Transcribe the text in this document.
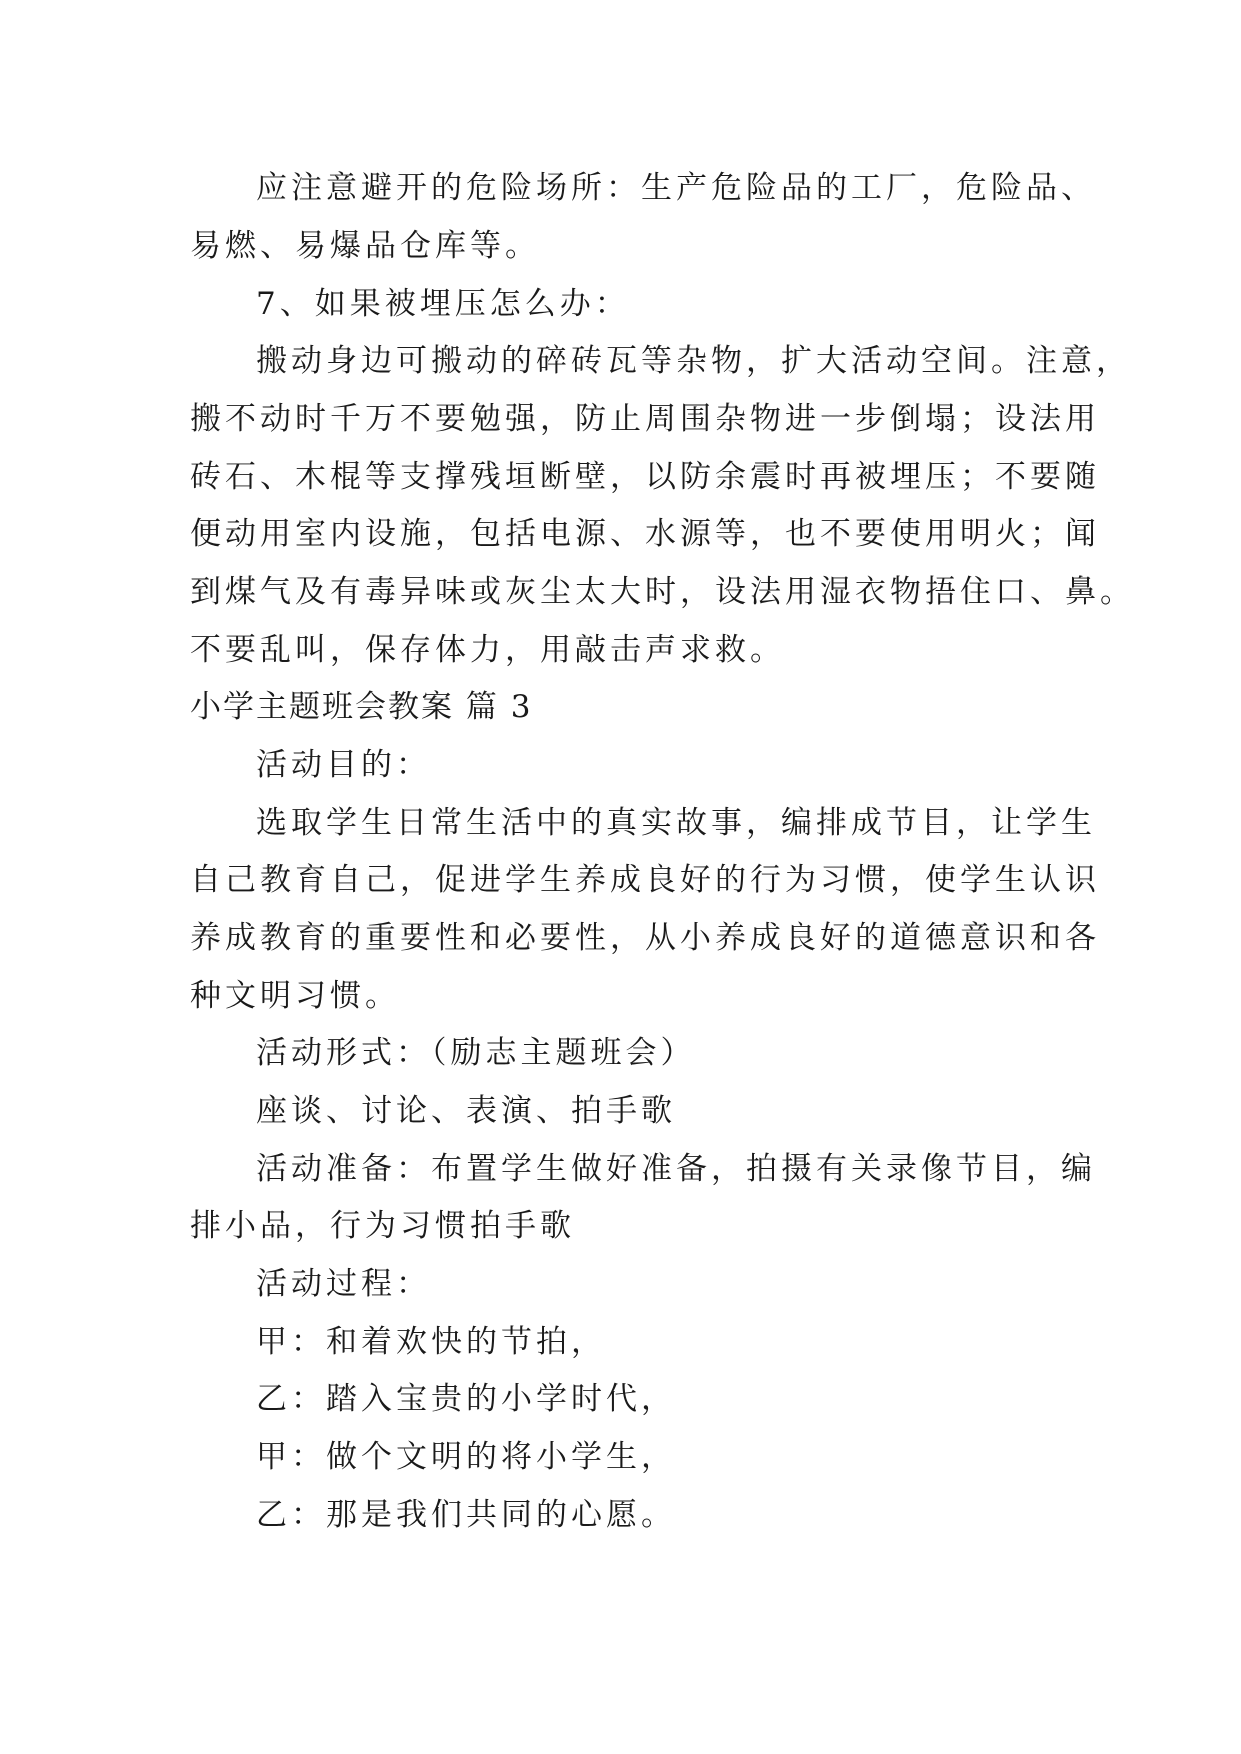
应注意避开的危险场所：生产危险品的工厂，危险品、
易燃、易爆品仓库等。
7、如果被埋压怎么办：
搬动身边可搬动的碎砖瓦等杂物，扩大活动空间。注意，
搬不动时千万不要勉强，防止周围杂物进一步倒塌；设法用
砖石、木棍等支撑残垣断壁，以防余震时再被埋压；不要随
便动用室内设施，包括电源、水源等，也不要使用明火；闻
到煤气及有毒异味或灰尘太大时，设法用湿衣物捂住口、鼻。
不要乱叫，保存体力，用敲击声求救。
小学主题班会教案 篇 3
活动目的：
选取学生日常生活中的真实故事，编排成节目，让学生
自己教育自己，促进学生养成良好的行为习惯，使学生认识
养成教育的重要性和必要性，从小养成良好的道德意识和各
种文明习惯。
活动形式：（励志主题班会）
座谈、讨论、表演、拍手歌
活动准备：布置学生做好准备，拍摄有关录像节目，编
排小品，行为习惯拍手歌
活动过程：
甲：和着欢快的节拍，
乙：踏入宝贵的小学时代，
甲：做个文明的将小学生，
乙：那是我们共同的心愿。
